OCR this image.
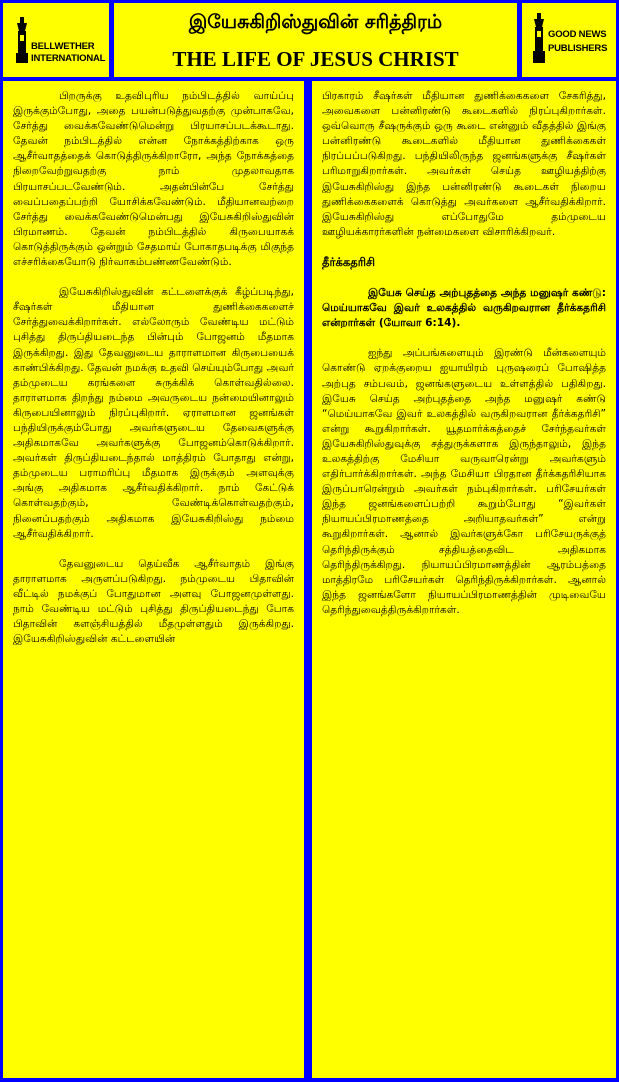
BELLWETHER
INTERNATIONAL
இயேசுகிறிஸ்துவின் சரித்திரம்
THE LIFE OF JESUS CHRIST
GOOD NEWS
PUBLISHERS

பிறருக்கு உதவிபுரிய நம்பிடத்தில் வாய்ப்பு இருக்கும்போது, அதை பயன்படுத்துவதற்கு முன்பாகவே, சேர்த்து வைக்கவேண்டுமென்று பிரயாசப்படக்கூடாது. தேவன் நம்பிடத்தில் என்ன நோக்கத்திற்காக ஒரு ஆசீர்வாதத்தைக் கொடுத்திருக்கிறாரோ, அந்த நோக்கத்தை நிறைவேற்றுவதற்கு நாம் முதலாவதாக பிரயாசப்படவேண்டும். அதன்பின்பே சேர்த்து வைப்பதைப்பற்றி யோசிக்கவேண்டும். மீதியானவற்றை சேர்த்து வைக்கவேண்டுமென்பது இயேசுகிறிஸ்துவின் பிரமாணம். தேவன் நம்பிடத்தில் கிருபையாகக் கொடுத்திருக்கும் ஒன்றும் சேதமாய் போகாதபடிக்கு மிகுந்த எச்சரிக்கையோடு நிர்வாகம்பண்ணவேண்டும்.

இயேசுகிறிஸ்துவின் கட்டளைக்குக் கீழ்ப்படிந்து, சீஷர்கள் மீதியான துணிக்கைகளைச் சேர்த்துவைக்கிறார்கள். எல்லோரும் வேண்டிய மட்டும் புசித்து திருப்தியடைந்த பின்பும் போஜனம் மீதமாக இருக்கிறது. இது தேவனுடைய தாராளமான கிருபையைக் காண்பிக்கிறது. தேவன் நமக்கு உதவி செய்யும்போது அவர் தம்முடைய கரங்களை சுருக்கிக் கொள்வதில்லை. தாராளமாக திறந்து நம்மை அவருடைய நன்மையினாலும் கிருபையினாலும் நிரப்புகிறார். ஏராளமான ஜனங்கள் பந்தியிருக்கும்போது அவர்களுடைய தேவைகளுக்கு அதிகமாகவே அவர்களுக்கு போஜனம்கொடுக்கிறார். அவர்கள் திருப்தியடைந்தால் மாத்திரம் போதாது என்று, தம்முடைய பராமரிப்பு மீதமாக இருக்கும் அளவுக்கு அங்கு அதிகமாக ஆசீர்வதிக்கிறார். நாம் கேட்டுக் கொள்வதற்கும், வேண்டிக்கொள்வதற்கும், நினைப்பதற்கும் அதிகமாக இயேசுகிறிஸ்து நம்மை ஆசீர்வதிக்கிறார்.

தேவனுடைய தெய்வீக ஆசீர்வாதம் இங்கு தாராளமாக அருளப்படுகிறது. நம்முடைய பிதாவின் வீட்டில் நமக்குப் போதுமான அளவு போஜனமுள்ளது. நாம் வேண்டிய மட்டும் புசித்து திருப்தியடைந்து போக பிதாவின் களஞ்சியத்தில் மீதமுள்ளதும் இருக்கிறது. இயேசுகிறிஸ்துவின் கட்டளையின்

பிரகாரம் சீஷர்கள் மீதியான துணிக்கைகளை சேகரித்து, அவைகளை பன்னிரண்டு கூடைகளில் நிரப்புகிறார்கள். ஒவ்வொரு சீஷருக்கும் ஒரு கூடை என்னும் வீதத்தில் இங்கு பன்னிரண்டு கூடைகளில் மீதியான துணிக்கைகள் நிரப்பப்படுகிறது. பந்தியிலிருந்த ஜனங்களுக்கு சீஷர்கள் பரிமாறுகிறார்கள். அவர்கள் செய்த ஊழியத்திற்கு இயேசுகிறிஸ்து இந்த பன்னிரண்டு கூடைகள் நிறைய துணிக்கைகளைக் கொடுத்து அவர்களை ஆசீர்வதிக்கிறார். இயேசுகிறிஸ்து எப்போதுமே தம்முடைய ஊழியக்காரர்களின் நன்மைகளை விசாரிக்கிறவர்.

தீர்க்கதரிசி

இயேசு செய்த அற்புதத்தை அந்த மனுஷர் கண்டு: மெய்யாகவே இவர் உலகத்தில் வருகிறவரான தீர்க்கதரிசி என்றார்கள் (யோவா 6:14).

ஐந்து அப்பங்களையும் இரண்டு மீன்களையும் கொண்டு ஏறக்குறைய ஐயாயிரம் புருஷரைப் போஷித்த அற்புத சம்பவம், ஜனங்களுடைய உள்ளத்தில் பதிகிறது. இயேசு செய்த அற்புதத்தை அந்த மனுஷர் கண்டு “மெய்யாகவே இவர் உலகத்தில் வருகிறவரான தீர்க்கதரிசி” என்று கூறுகிறார்கள். யூதமார்க்கத்தைச் சேர்ந்தவர்கள் இயேசுகிறிஸ்துவுக்கு சத்துருக்களாக இருந்தாலும், இந்த உலகத்திற்கு மேசியா வருவாரென்று அவர்களும் எதிர்பார்க்கிறார்கள். அந்த மேசியா பிரதான தீர்க்கதரிசியாக இருப்பாரென்றும் அவர்கள் நம்புகிறார்கள். பரிசேயர்கள் இந்த ஜனங்களைப்பற்றி கூறும்போது “இவர்கள் நியாயப்பிரமாணத்தை அறியாதவர்கள்” என்று கூறுகிறார்கள். ஆனால் இவர்களுக்கோ பரிசேயருக்குத் தெரிந்திருக்கும் சத்தியத்தைவிட அதிகமாக தெரிந்திருக்கிறது. நியாயப்பிரமாணத்தின் ஆரம்பத்தை மாத்திரமே பரிசேயர்கள் தெரிந்திருக்கிறார்கள். ஆனால் இந்த ஜனங்களோ நியாயப்பிரமாணத்தின் முடிவையே தெரிந்துவைத்திருக்கிறார்கள்.
